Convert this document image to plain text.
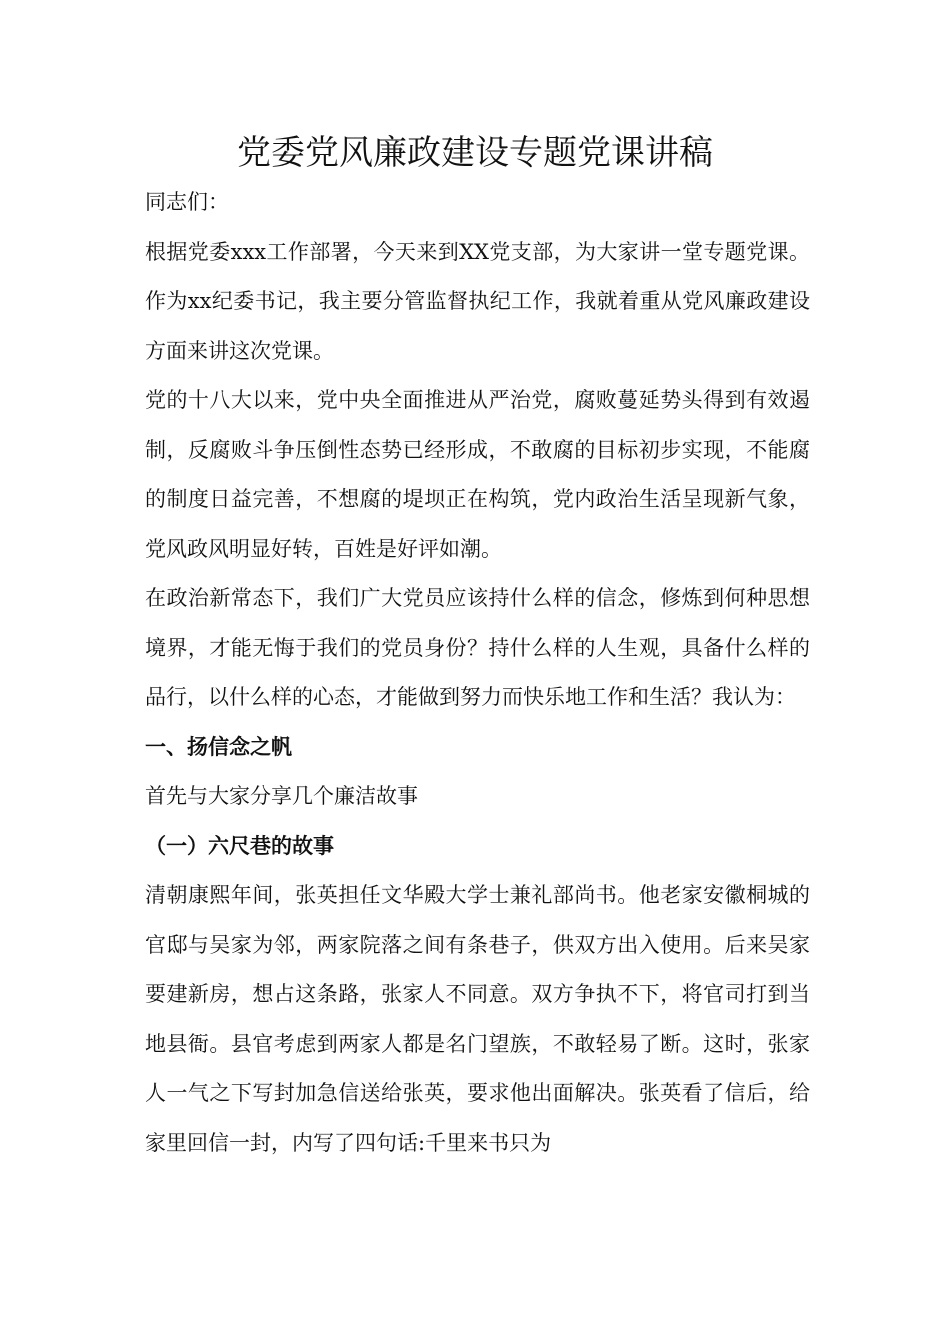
党委党风廉政建设专题党课讲稿

同志们：

根据党委xxx工作部署，今天来到XX党支部，为大家讲一堂专题党课。作为xx纪委书记，我主要分管监督执纪工作，我就着重从党风廉政建设方面来讲这次党课。

党的十八大以来，党中央全面推进从严治党，腐败蔓延势头得到有效遏制，反腐败斗争压倒性态势已经形成，不敢腐的目标初步实现，不能腐的制度日益完善，不想腐的堤坝正在构筑，党内政治生活呈现新气象，党风政风明显好转，百姓是好评如潮。

在政治新常态下，我们广大党员应该持什么样的信念，修炼到何种思想境界，才能无悔于我们的党员身份？持什么样的人生观，具备什么样的品行，以什么样的心态，才能做到努力而快乐地工作和生活？我认为：

一、扬信念之帆

首先与大家分享几个廉洁故事

（一）六尺巷的故事

清朝康熙年间，张英担任文华殿大学士兼礼部尚书。他老家安徽桐城的官邸与吴家为邻，两家院落之间有条巷子，供双方出入使用。后来吴家要建新房，想占这条路，张家人不同意。双方争执不下，将官司打到当地县衙。县官考虑到两家人都是名门望族，不敢轻易了断。这时，张家人一气之下写封加急信送给张英，要求他出面解决。张英看了信后，给家里回信一封，内写了四句话:千里来书只为
